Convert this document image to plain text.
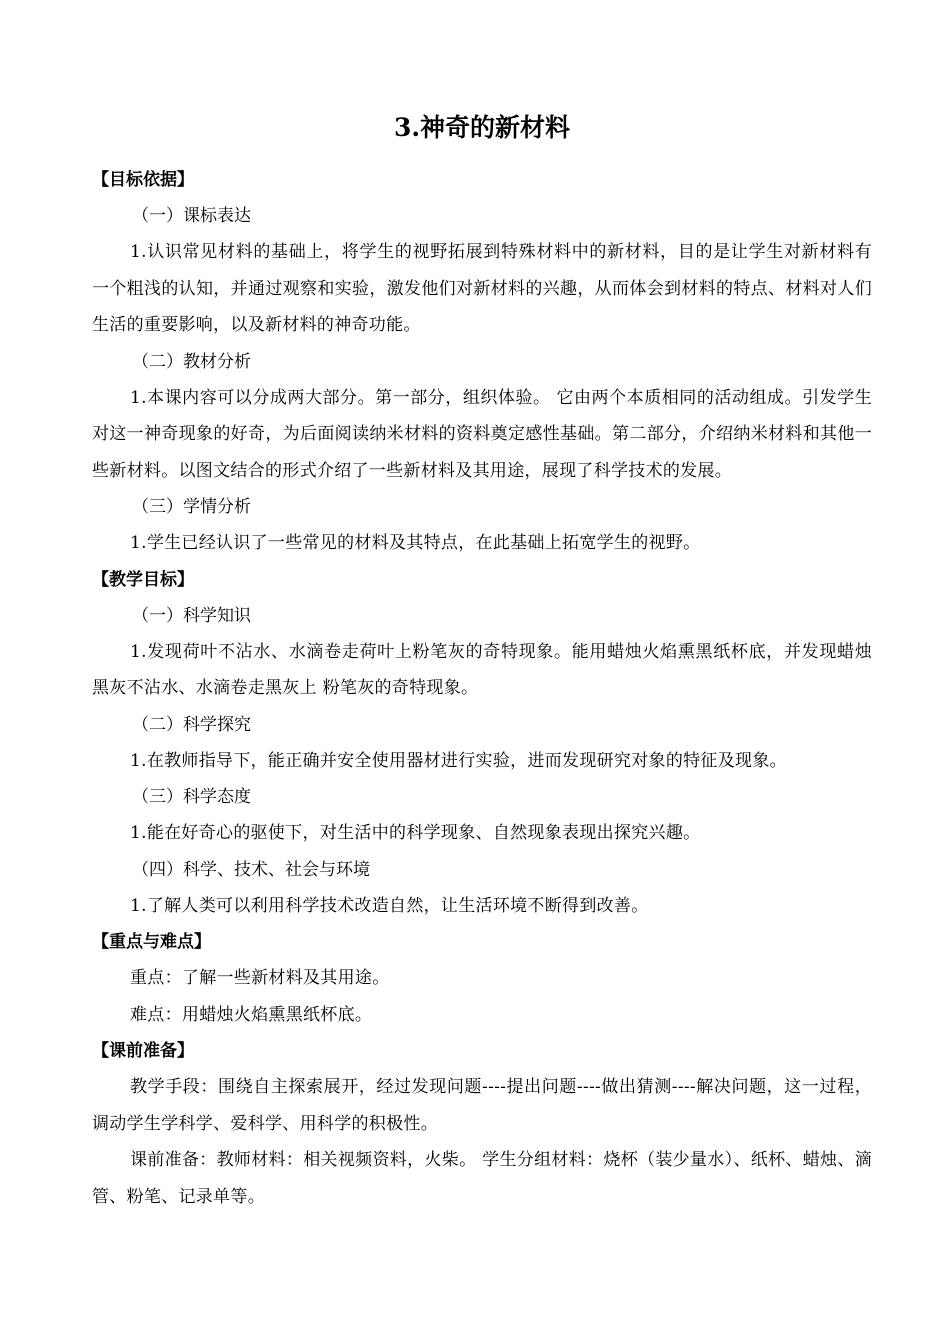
3.神奇的新材料
【目标依据】
（一）课标表达
1.认识常见材料的基础上，将学生的视野拓展到特殊材料中的新材料，目的是让学生对新材料有一个粗浅的认知，并通过观察和实验，激发他们对新材料的兴趣，从而体会到材料的特点、材料对人们生活的重要影响，以及新材料的神奇功能。
（二）教材分析
1.本课内容可以分成两大部分。第一部分，组织体验。 它由两个本质相同的活动组成。引发学生对这一神奇现象的好奇，为后面阅读纳米材料的资料奠定感性基础。第二部分，介绍纳米材料和其他一些新材料。以图文结合的形式介绍了一些新材料及其用途，展现了科学技术的发展。
（三）学情分析
1.学生已经认识了一些常见的材料及其特点，在此基础上拓宽学生的视野。
【教学目标】
（一）科学知识
1.发现荷叶不沾水、水滴卷走荷叶上粉笔灰的奇特现象。能用蜡烛火焰熏黑纸杯底，并发现蜡烛黑灰不沾水、水滴卷走黑灰上 粉笔灰的奇特现象。
（二）科学探究
1.在教师指导下，能正确并安全使用器材进行实验，进而发现研究对象的特征及现象。
（三）科学态度
1.能在好奇心的驱使下，对生活中的科学现象、自然现象表现出探究兴趣。
（四）科学、技术、社会与环境
1.了解人类可以利用科学技术改造自然，让生活环境不断得到改善。
【重点与难点】
重点：了解一些新材料及其用途。
难点：用蜡烛火焰熏黑纸杯底。
【课前准备】
教学手段：围绕自主探索展开，经过发现问题----提出问题----做出猜测----解决问题，这一过程，调动学生学科学、爱科学、用科学的积极性。
课前准备：教师材料：相关视频资料，火柴。 学生分组材料：烧杯（装少量水）、纸杯、蜡烛、滴管、粉笔、记录单等。
